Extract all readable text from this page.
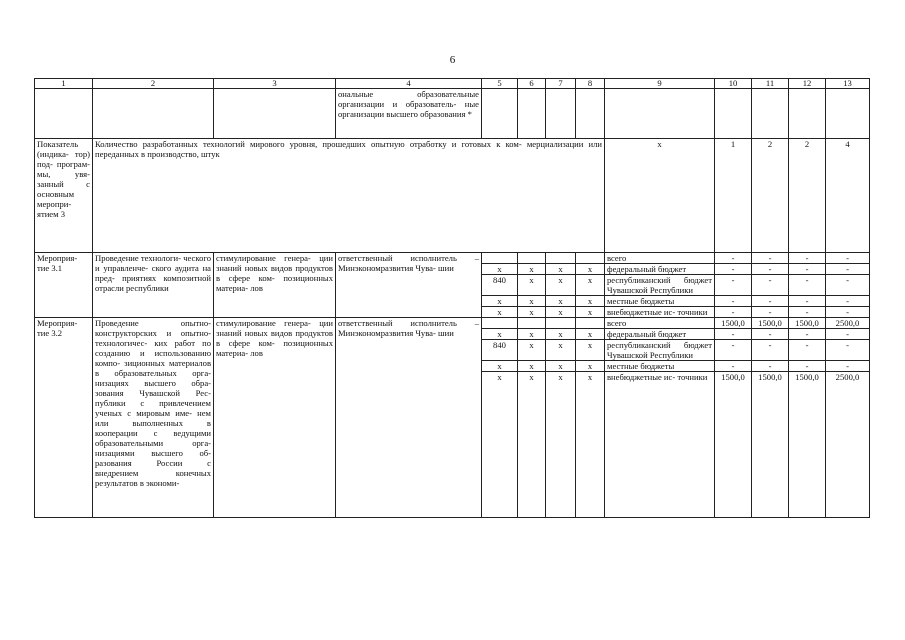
6
1	2	3	4	5	6	7	8	9	10	11	12	13
			ональные образовательные организации и образователь- ные организации высшего образования *									
Показатель (индика- тор) под- програм- мы, увя- занный с основным меропри- ятием 3	Количество разработанных технологий мирового уровня, прошедших опытную отработку и готовых к ком- мерциализации или переданных в производство, штук							x	1	2	2	4
Мероприя- тие 3.1	Проведение технологи- ческого и управленче- ского аудита на пред- приятиях композитной отрасли республики	стимулирование генера- ции знаний новых видов продуктов в сфере ком- позиционных материа- лов	ответственный исполнитель – Минэкономразвития Чува- шии					всего	-	-	-	-
				x	x	x	x	федеральный бюджет	-	-	-	-
				840	x	x	x	республиканский бюджет Чувашской Республики	-	-	-	-
				x	x	x	x	местные бюджеты	-	-	-	-
				x	x	x	x	внебюджетные ис- точники	-	-	-	-
Мероприя- тие 3.2	Проведение опытно- конструкторских и опытно-технологичес- ких работ по созданию и использованию компо- зиционных материалов в образовательных орга- низациях высшего обра- зования Чувашской Рес- публики с привлечением ученых с мировым име- нем или выполненных в кооперации с ведущими образовательными орга- низациями высшего об- разования России с внедрением конечных результатов в экономи-	стимулирование генера- ции знаний новых видов продуктов в сфере ком- позиционных материа- лов	ответственный исполнитель – Минэкономразвития Чува- шии					всего	1500,0	1500,0	1500,0	2500,0
				x	x	x	x	федеральный бюджет	-	-	-	-
				840	x	x	x	республиканский бюджет Чувашской Республики	-	-	-	-
				x	x	x	x	местные бюджеты	-	-	-	-
				x	x	x	x	внебюджетные ис- точники	1500,0	1500,0	1500,0	2500,0
